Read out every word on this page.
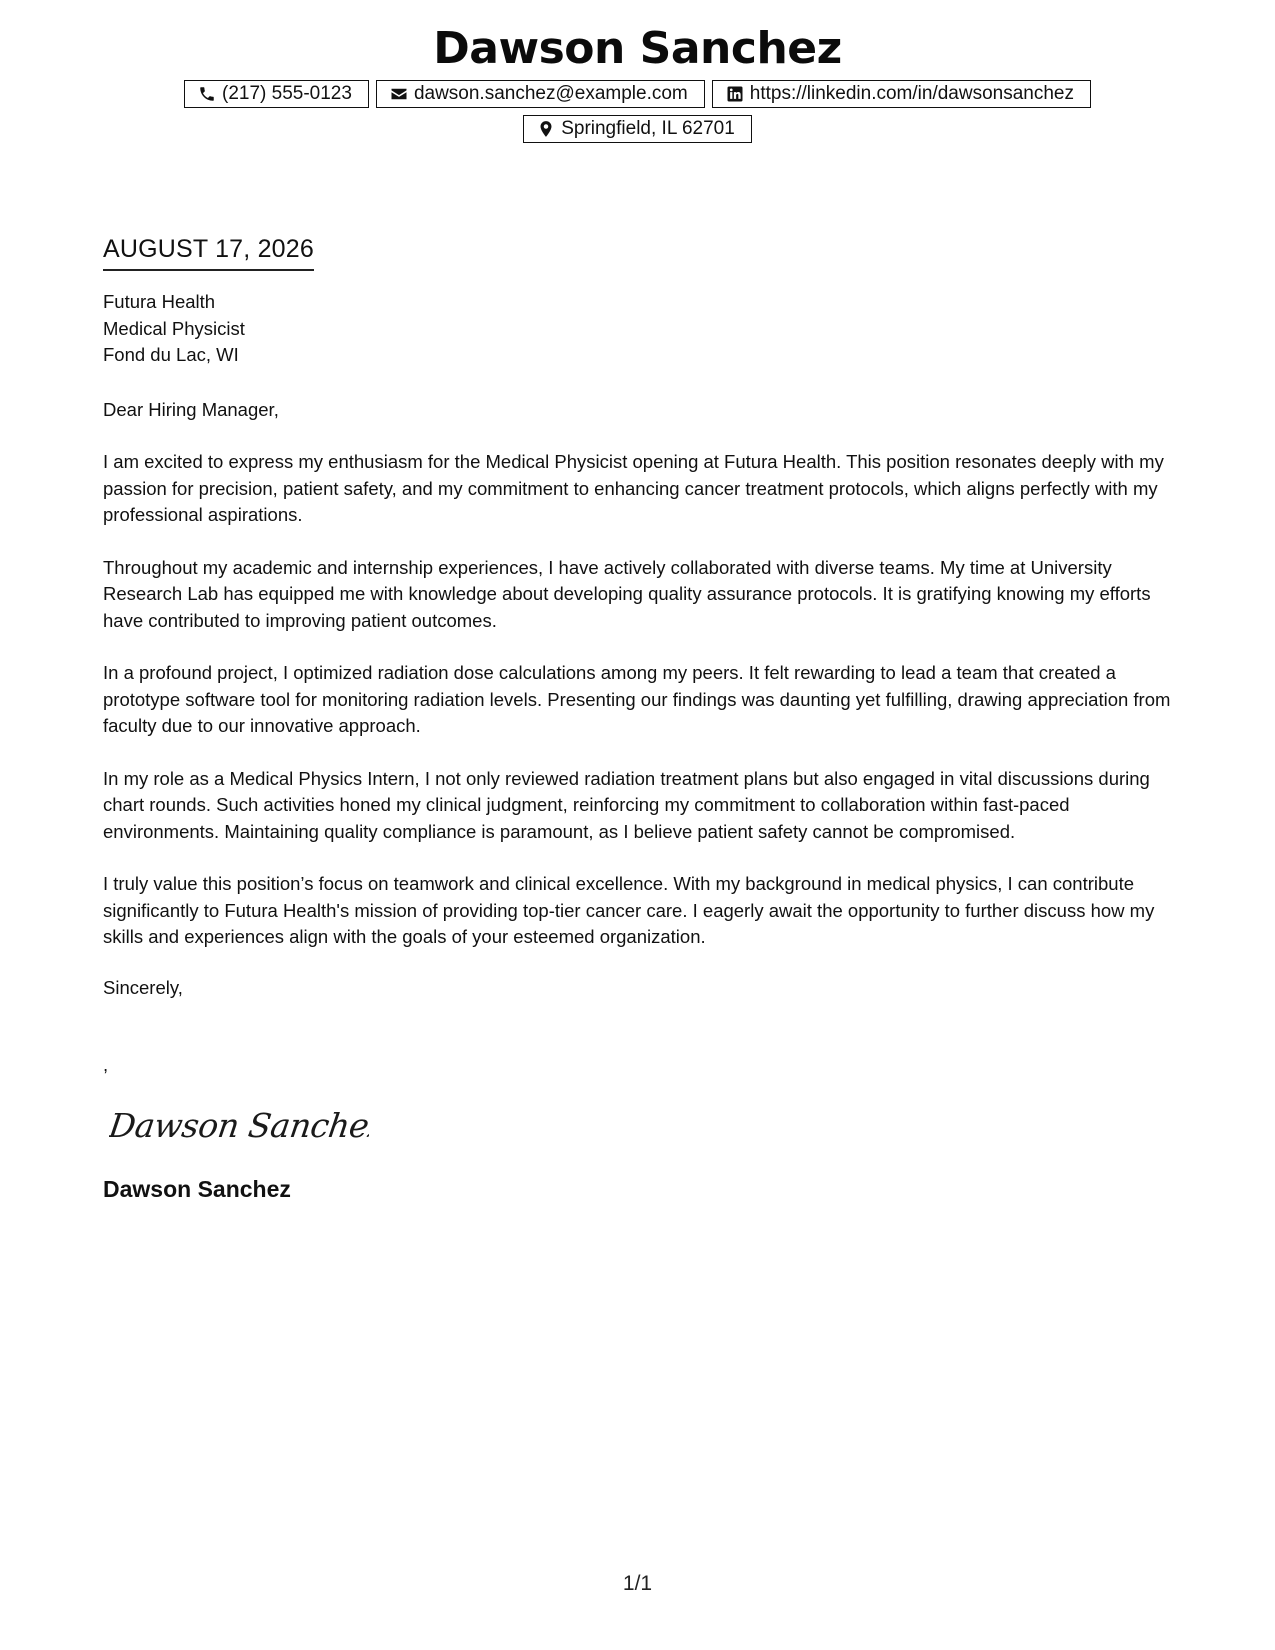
Dawson Sanchez
(217) 555-0123	dawson.sanchez@example.com	https://linkedin.com/in/dawsonsanchez
Springfield, IL 62701
AUGUST 17, 2026
Futura Health
Medical Physicist
Fond du Lac, WI
Dear Hiring Manager,

I am excited to express my enthusiasm for the Medical Physicist opening at Futura Health. This position resonates deeply with my passion for precision, patient safety, and my commitment to enhancing cancer treatment protocols, which aligns perfectly with my professional aspirations.

Throughout my academic and internship experiences, I have actively collaborated with diverse teams. My time at University Research Lab has equipped me with knowledge about developing quality assurance protocols. It is gratifying knowing my efforts have contributed to improving patient outcomes.

In a profound project, I optimized radiation dose calculations among my peers. It felt rewarding to lead a team that created a prototype software tool for monitoring radiation levels. Presenting our findings was daunting yet fulfilling, drawing appreciation from faculty due to our innovative approach.

In my role as a Medical Physics Intern, I not only reviewed radiation treatment plans but also engaged in vital discussions during chart rounds. Such activities honed my clinical judgment, reinforcing my commitment to collaboration within fast-paced environments. Maintaining quality compliance is paramount, as I believe patient safety cannot be compromised.

I truly value this position’s focus on teamwork and clinical excellence. With my background in medical physics, I can contribute significantly to Futura Health's mission of providing top-tier cancer care. I eagerly await the opportunity to further discuss how my skills and experiences align with the goals of your esteemed organization.

Sincerely,
,
Dawson Sanchez
Dawson Sanchez
1/1
